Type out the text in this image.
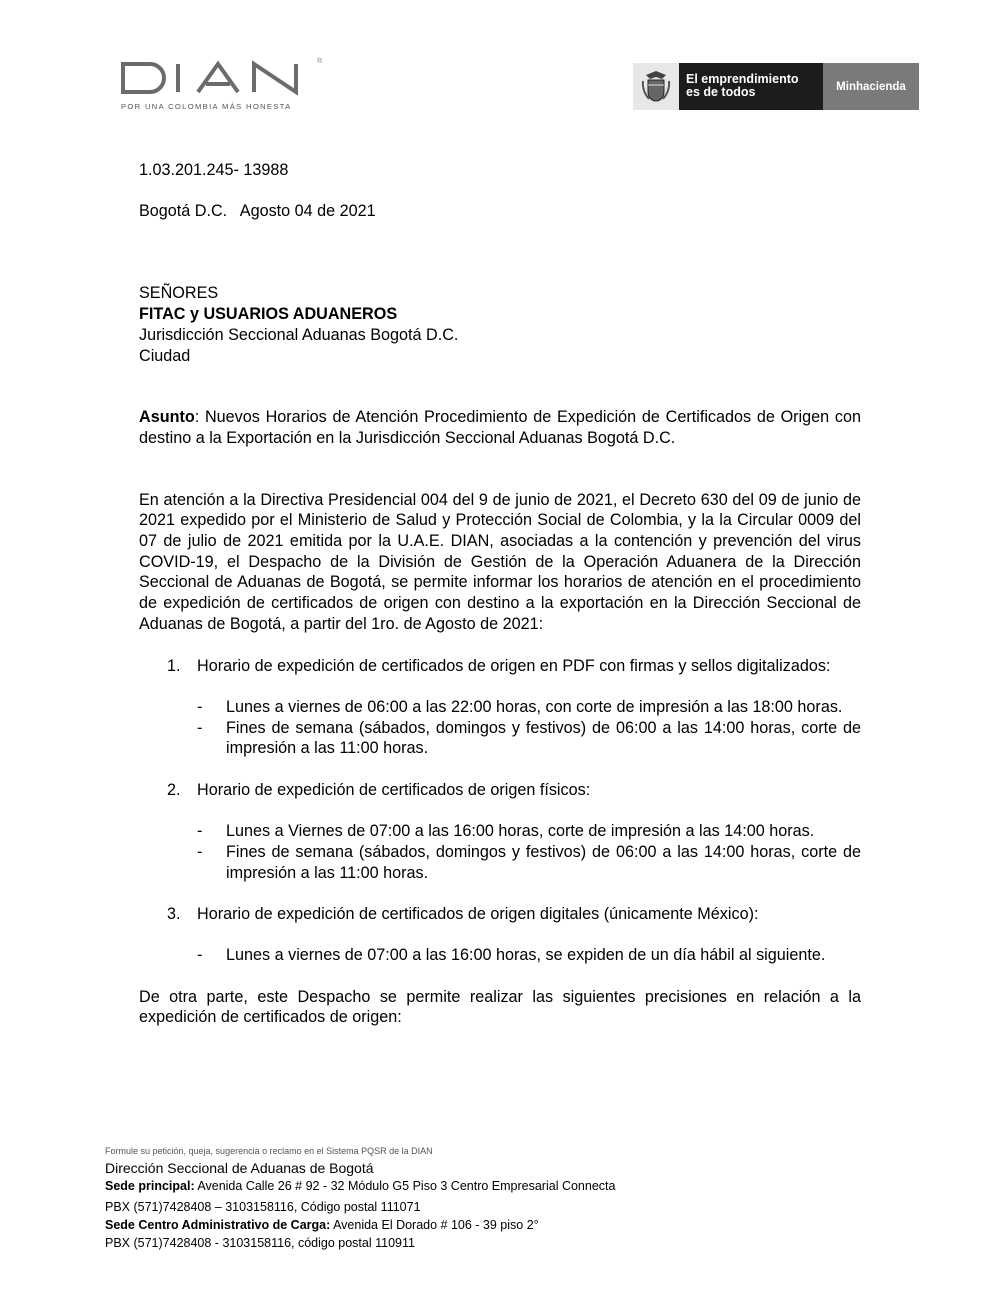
®
POR UNA COLOMBIA MÁS HONESTA
El emprendimiento
es de todos	Minhacienda

1.03.201.245- 13988

Bogotá D.C.   Agosto 04 de 2021

SEÑORES

FITAC y USUARIOS ADUANEROS

Jurisdicción Seccional Aduanas Bogotá D.C.

Ciudad

Asunto: Nuevos Horarios de Atención Procedimiento de Expedición de Certificados de Origen con destino a la Exportación en la Jurisdicción Seccional Aduanas Bogotá D.C.

En atención a la Directiva Presidencial 004 del 9 de junio de 2021, el Decreto 630 del 09 de junio de 2021 expedido por el Ministerio de Salud y Protección Social de Colombia, y la la Circular 0009 del 07 de julio de 2021 emitida por la U.A.E. DIAN, asociadas a la contención y prevención del virus COVID-19, el Despacho de la División de Gestión de la Operación Aduanera de la Dirección Seccional de Aduanas de Bogotá, se permite informar los horarios de atención en el procedimiento de expedición de certificados de origen con destino a la exportación en la Dirección Seccional de Aduanas de Bogotá, a partir del 1ro. de Agosto de 2021:

1. Horario de expedición de certificados de origen en PDF con firmas y sellos digitalizados:
- Lunes a viernes de 06:00 a las 22:00 horas, con corte de impresión a las 18:00 horas.
- Fines de semana (sábados, domingos y festivos) de 06:00 a las 14:00 horas, corte de impresión a las 11:00 horas.
2. Horario de expedición de certificados de origen físicos:
- Lunes a Viernes de 07:00 a las 16:00 horas, corte de impresión a las 14:00 horas.
- Fines de semana (sábados, domingos y festivos) de 06:00 a las 14:00 horas, corte de impresión a las 11:00 horas.
3. Horario de expedición de certificados de origen digitales (únicamente México):
- Lunes a viernes de 07:00 a las 16:00 horas, se expiden de un día hábil al siguiente.

De otra parte, este Despacho se permite realizar las siguientes precisiones en relación a la expedición de certificados de origen:

Formule su petición, queja, sugerencia o reclamo en el Sistema PQSR de la DIAN
Dirección Seccional de Aduanas de Bogotá
Sede principal: Avenida Calle 26 # 92 - 32 Módulo G5 Piso 3 Centro Empresarial Connecta
PBX (571)7428408 – 3103158116, Código postal 111071
Sede Centro Administrativo de Carga: Avenida El Dorado # 106 - 39 piso 2°
PBX (571)7428408 - 3103158116, código postal 110911
